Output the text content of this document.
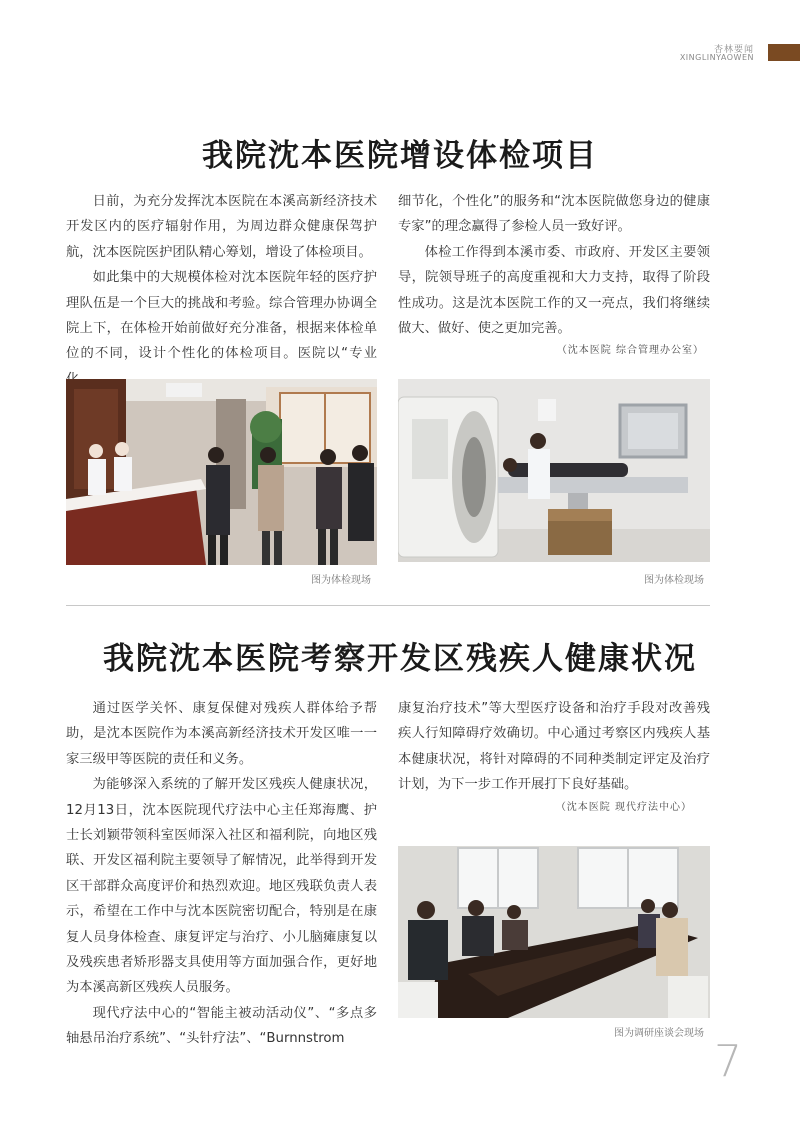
杏林要闻
XINGLINYAOWEN
我院沈本医院增设体检项目

日前，为充分发挥沈本医院在本溪高新经济技术开发区内的医疗辐射作用，为周边群众健康保驾护航，沈本医院医护团队精心筹划，增设了体检项目。

如此集中的大规模体检对沈本医院年轻的医疗护理队伍是一个巨大的挑战和考验。综合管理办协调全院上下，在体检开始前做好充分准备，根据来体检单位的不同，设计个性化的体检项目。医院以“专业

细节化，个性化”的服务和“沈本医院做您身边的健康专家”的理念赢得了参检人员一致好评。

体检工作得到本溪市委、市政府、开发区主要领导，院领导班子的高度重视和大力支持，取得了阶段性成功。这是沈本医院工作的又一亮点，我们将继续做大、做好、使之更加完善。

（沈本医院 综合管理办公室）
图为体检现场	图为体检现场
我院沈本医院考察开发区残疾人健康状况

通过医学关怀、康复保健对残疾人群体给予帮助，是沈本医院作为本溪高新经济技术开发区唯一一家三级甲等医院的责任和义务。

为能够深入系统的了解开发区残疾人健康状况，12月13日，沈本医院现代疗法中心主任郑海鹰、护士长刘颖带领科室医师深入社区和福利院，向地区残联、开发区福利院主要领导了解情况，此举得到开发区干部群众高度评价和热烈欢迎。地区残联负责人表示，希望在工作中与沈本医院密切配合，特别是在康复人员身体检查、康复评定与治疗、小儿脑瘫康复以及残疾患者矫形器支具使用等方面加强合作，更好地为本溪高新区残疾人员服务。

现代疗法中心的“智能主被动活动仪”、“多点多轴悬吊治疗系统”、“头针疗法”、“Burnnstrom

康复治疗技术”等大型医疗设备和治疗手段对改善残疾人行知障碍疗效确切。中心通过考察区内残疾人基本健康状况，将针对障碍的不同种类制定评定及治疗计划，为下一步工作开展打下良好基础。

（沈本医院 现代疗法中心）
图为调研座谈会现场
7
